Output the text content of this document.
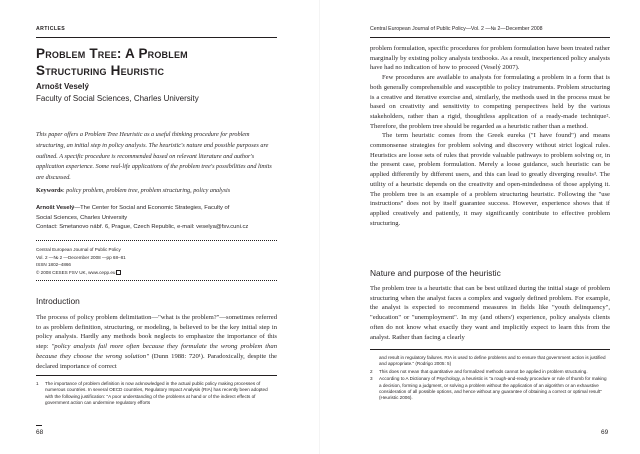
ARTICLES
Problem Tree: A Problem
Structuring Heuristic
Arnošt Veselý
Faculty of Social Sciences, Charles University
This paper offers a Problem Tree Heuristic as a useful thinking procedure for problem structuring, an initial step in policy analysis. The heuristic's nature and possible purposes are outlined. A specific procedure is recommended based on relevant literature and author's application experience. Some real-life applications of the problem tree's possibilities and limits are discussed.
Keywords: policy problem, problem tree, problem structuring, policy analysis
Arnošt Veselý—The Center for Social and Economic Strategies, Faculty of
Social Sciences, Charles University
Contact: Smetanovo nábř. 6, Prague, Czech Republic, e-mail: veselya@fsv.cuni.cz
Central European Journal of Public Policy
Vol. 2 —№ 2 —December 2008 —pp 68–81
ISSN 1802–4866
© 2008 CESES FSV UK, www.cepp.eu
Introduction

The process of policy problem delimitation—"what is the problem?"—sometimes referred to as problem definition, structuring, or modeling, is believed to be the key initial step in policy analysis. Hardly any methods book neglects to emphasize the importance of this step: "policy analysts fail more often because they formulate the wrong problem than because they choose the wrong solution" (Dunn 1988: 720¹). Paradoxically, despite the declared importance of correct

1	The importance of problem definition is now acknowledged in the actual public policy making processes of numerous countries. In several OECD countries, Regulatory Impact Analysis (RIA) has recently been adopted with the following justification: "A poor understanding of the problems at hand or of the indirect effects of government action can undermine regulatory efforts
68
Central European Journal of Public Policy—Vol. 2 —№ 2—December 2008

problem formulation, specific procedures for problem formulation have been treated rather marginally by existing policy analysis textbooks. As a result, inexperienced policy analysts have had no indication of how to proceed (Veselý 2007).

Few procedures are available to analysts for formulating a problem in a form that is both generally comprehensible and susceptible to policy instruments. Problem structuring is a creative and iterative exercise and, similarly, the methods used in the process must be based on creativity and sensitivity to competing perspectives held by the various stakeholders, rather than a rigid, thoughtless application of a ready-made technique². Therefore, the problem tree should be regarded as a heuristic rather than a method.

The term heuristic comes from the Greek eureka ("I have found") and means commonsense strategies for problem solving and discovery without strict logical rules. Heuristics are loose sets of rules that provide valuable pathways to problem solving or, in the present case, problem formulation. Merely a loose guidance, such heuristic can be applied differently by different users, and this can lead to greatly diverging results³. The utility of a heuristic depends on the creativity and open-mindedness of those applying it. The problem tree is an example of a problem structuring heuristic. Following the "use instructions" does not by itself guarantee success. However, experience shows that if applied creatively and patiently, it may significantly contribute to effective problem structuring.

Nature and purpose of the heuristic

The problem tree is a heuristic that can be best utilized during the initial stage of problem structuring when the analyst faces a complex and vaguely defined problem. For example, the analyst is expected to recommend measures in fields like "youth delinquency", "education" or "unemployment". In my (and others') experience, policy analysis clients often do not know what exactly they want and implicitly expect to learn this from the analyst. Rather than facing a clearly

and result in regulatory failures. RIA is used to define problems and to ensure that government action is justified and appropriate." (Rodrigo 2005: 5)
2	This does not mean that quantitative and formalized methods cannot be applied in problem structuring.
3	According to A Dictionary of Psychology, a heuristic is "a rough-and-ready procedure or rule of thumb for making a decision, forming a judgment, or solving a problem without the application of an algorithm or an exhaustive consideration of all possible options, and hence without any guarantee of obtaining a correct or optimal result" (Heuristic 2006).
69
